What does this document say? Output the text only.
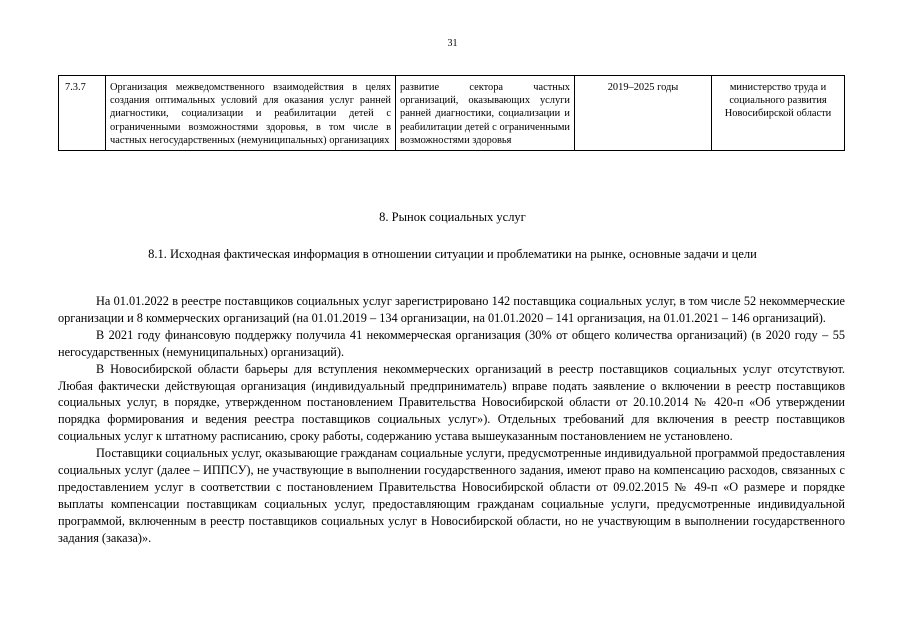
31
7.3.7	Организация межведомственного взаимодействия в целях создания оптимальных условий для оказания услуг ранней диагностики, социализации и реабилитации детей с ограниченными возможностями здоровья, в том числе в частных негосударственных (немуниципальных) организациях	развитие сектора частных организаций, оказывающих услуги ранней диагностики, социализации и реабилитации детей с ограниченными возможностями здоровья	2019–2025 годы	министерство труда и социального развития Новосибирской области
8. Рынок социальных услуг
8.1. Исходная фактическая информация в отношении ситуации и проблематики на рынке, основные задачи и цели

На 01.01.2022 в реестре поставщиков социальных услуг зарегистрировано 142 поставщика социальных услуг, в том числе 52 некоммерческие организации и 8 коммерческих организаций (на 01.01.2019 – 134 организации, на 01.01.2020 – 141 организация, на 01.01.2021 – 146 организаций).

В 2021 году финансовую поддержку получила 41 некоммерческая организация (30% от общего количества организаций) (в 2020 году – 55 негосударственных (немуниципальных) организаций).

В Новосибирской области барьеры для вступления некоммерческих организаций в реестр поставщиков социальных услуг отсутствуют. Любая фактически действующая организация (индивидуальный предприниматель) вправе подать заявление о включении в реестр поставщиков социальных услуг, в порядке, утвержденном постановлением Правительства Новосибирской области от 20.10.2014 № 420-п «Об утверждении порядка формирования и ведения реестра поставщиков социальных услуг»). Отдельных требований для включения в реестр поставщиков социальных услуг к штатному расписанию, сроку работы, содержанию устава вышеуказанным постановлением не установлено.

Поставщики социальных услуг, оказывающие гражданам социальные услуги, предусмотренные индивидуальной программой предоставления социальных услуг (далее – ИППСУ), не участвующие в выполнении государственного задания, имеют право на компенсацию расходов, связанных с предоставлением услуг в соответствии с постановлением Правительства Новосибирской области от 09.02.2015 № 49-п «О размере и порядке выплаты компенсации поставщикам социальных услуг, предоставляющим гражданам социальные услуги, предусмотренные индивидуальной программой, включенным в реестр поставщиков социальных услуг в Новосибирской области, но не участвующим в выполнении государственного задания (заказа)».
